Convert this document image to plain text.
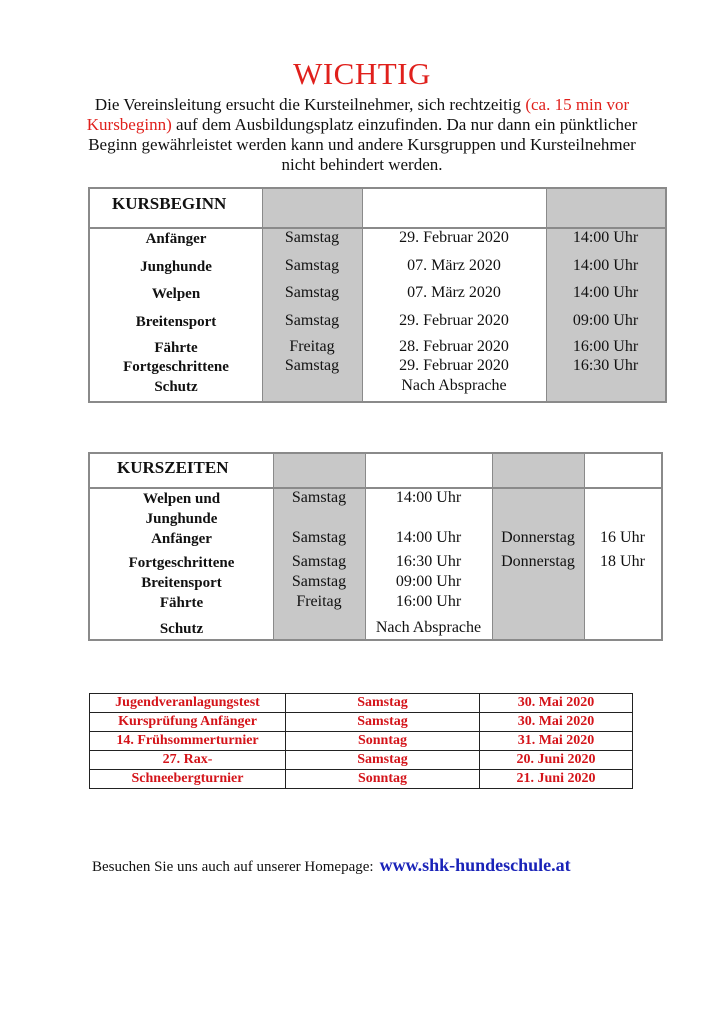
WICHTIG
Die Vereinsleitung ersucht die Kursteilnehmer, sich rechtzeitig (ca. 15 min vor Kursbeginn) auf dem Ausbildungsplatz einzufinden. Da nur dann ein pünktlicher Beginn gewährleistet werden kann und andere Kursgruppen und Kursteilnehmer nicht behindert werden.
KURSBEGINN
Anfänger	Samstag	29. Februar 2020	14:00 Uhr
Junghunde	Samstag	07. März 2020	14:00 Uhr
Welpen	Samstag	07. März 2020	14:00 Uhr
Breitensport	Samstag	29. Februar 2020	09:00 Uhr
Fährte	Freitag	28. Februar 2020	16:00 Uhr
Fortgeschrittene	Samstag	29. Februar 2020	16:30 Uhr
Schutz	Nach Absprache
KURSZEITEN
Welpen und	Samstag	14:00 Uhr
Junghunde
Anfänger	Samstag	14:00 Uhr	Donnerstag	16 Uhr
Fortgeschrittene	Samstag	16:30 Uhr	Donnerstag	18 Uhr
Breitensport	Samstag	09:00 Uhr
Fährte	Freitag	16:00 Uhr
Schutz	Nach Absprache
Jugendveranlagungstest	Samstag	30. Mai 2020
Kursprüfung Anfänger	Samstag	30. Mai 2020
14. Frühsommerturnier	Sonntag	31. Mai 2020
27. Rax-	Samstag	20. Juni 2020
Schneebergturnier	Sonntag	21. Juni 2020
Besuchen Sie uns auch auf unserer Homepage: www.shk-hundeschule.at
